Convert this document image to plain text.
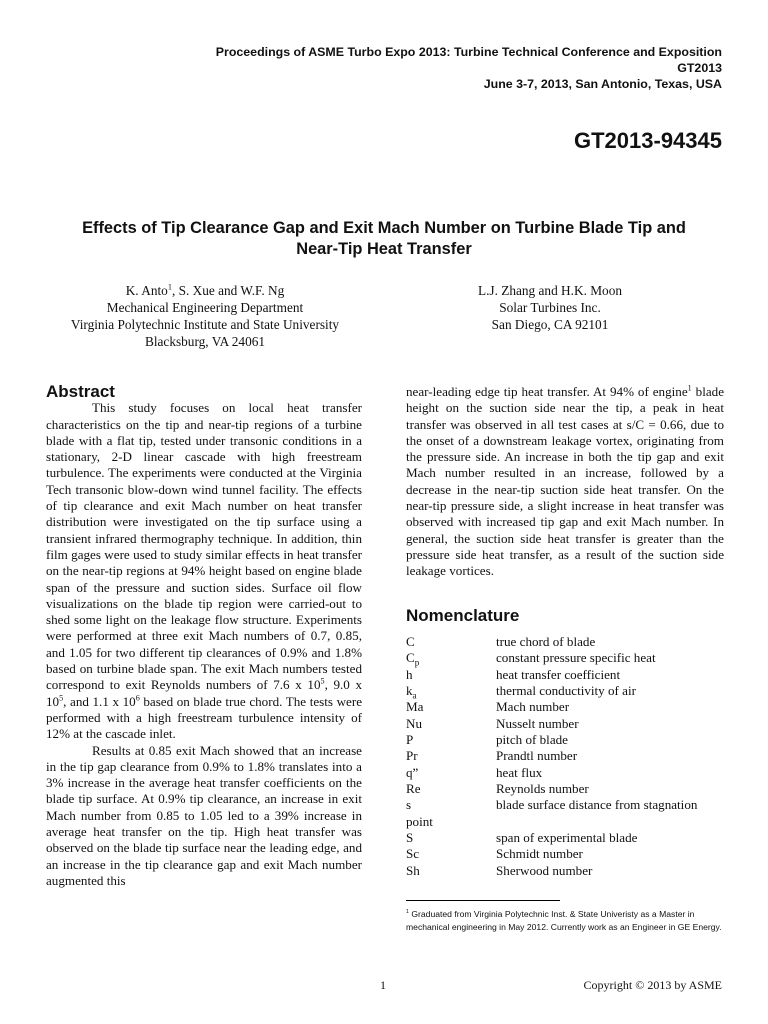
Proceedings of ASME Turbo Expo 2013: Turbine Technical Conference and Exposition
GT2013
June 3-7, 2013, San Antonio, Texas, USA
GT2013-94345
Effects of Tip Clearance Gap and Exit Mach Number on Turbine Blade Tip and
Near-Tip Heat Transfer
K. Anto$^1$, S. Xue and W.F. Ng
Mechanical Engineering Department
Virginia Polytechnic Institute and State University
Blacksburg, VA 24061
L.J. Zhang and H.K. Moon
Solar Turbines Inc.
San Diego, CA 92101
Abstract

This study focuses on local heat transfer characteristics on the tip and near-tip regions of a turbine blade with a flat tip, tested under transonic conditions in a stationary, 2-D linear cascade with high freestream turbulence. The experiments were conducted at the Virginia Tech transonic blow-down wind tunnel facility. The effects of tip clearance and exit Mach number on heat transfer distribution were investigated on the tip surface using a transient infrared thermography technique. In addition, thin film gages were used to study similar effects in heat transfer on the near-tip regions at 94% height based on engine blade span of the pressure and suction sides. Surface oil flow visualizations on the blade tip region were carried-out to shed some light on the leakage flow structure. Experiments were performed at three exit Mach numbers of 0.7, 0.85, and 1.05 for two different tip clearances of 0.9% and 1.8% based on turbine blade span. The exit Mach numbers tested correspond to exit Reynolds numbers of 7.6 x $10^5$, 9.0 x $10^5$, and 1.1 x $10^6$ based on blade true chord. The tests were performed with a high freestream turbulence intensity of 12% at the cascade inlet.

Results at 0.85 exit Mach showed that an increase in the tip gap clearance from 0.9% to 1.8% translates into a 3% increase in the average heat transfer coefficients on the blade tip surface. At 0.9% tip clearance, an increase in exit Mach number from 0.85 to 1.05 led to a 39% increase in average heat transfer on the tip. High heat transfer was observed on the blade tip surface near the leading edge, and an increase in the tip clearance gap and exit Mach number augmented this

near-leading edge tip heat transfer. At 94% of engine$^1$ blade height on the suction side near the tip, a peak in heat transfer was observed in all test cases at s/C = 0.66, due to the onset of a downstream leakage vortex, originating from the pressure side. An increase in both the tip gap and exit Mach number resulted in an increase, followed by a decrease in the near-tip suction side heat transfer. On the near-tip pressure side, a slight increase in heat transfer was observed with increased tip gap and exit Mach number. In general, the suction side heat transfer is greater than the pressure side heat transfer, as a result of the suction side leakage vortices.

Nomenclature
C	true chord of blade
$C_p$	constant pressure specific heat
h	heat transfer coefficient
$k_a$	thermal conductivity of air
Ma	Mach number
Nu	Nusselt number
P	pitch of blade
Pr	Prandtl number
q”	heat flux
Re	Reynolds number
s	blade surface distance from stagnation
point
S	span of experimental blade
Sc	Schmidt number
Sh	Sherwood number
$^1$ Graduated from Virginia Polytechnic Inst. & State Univeristy as a Master in mechanical engineering in May 2012. Currently work as an Engineer in GE Energy.
1	Copyright © 2013 by ASME
